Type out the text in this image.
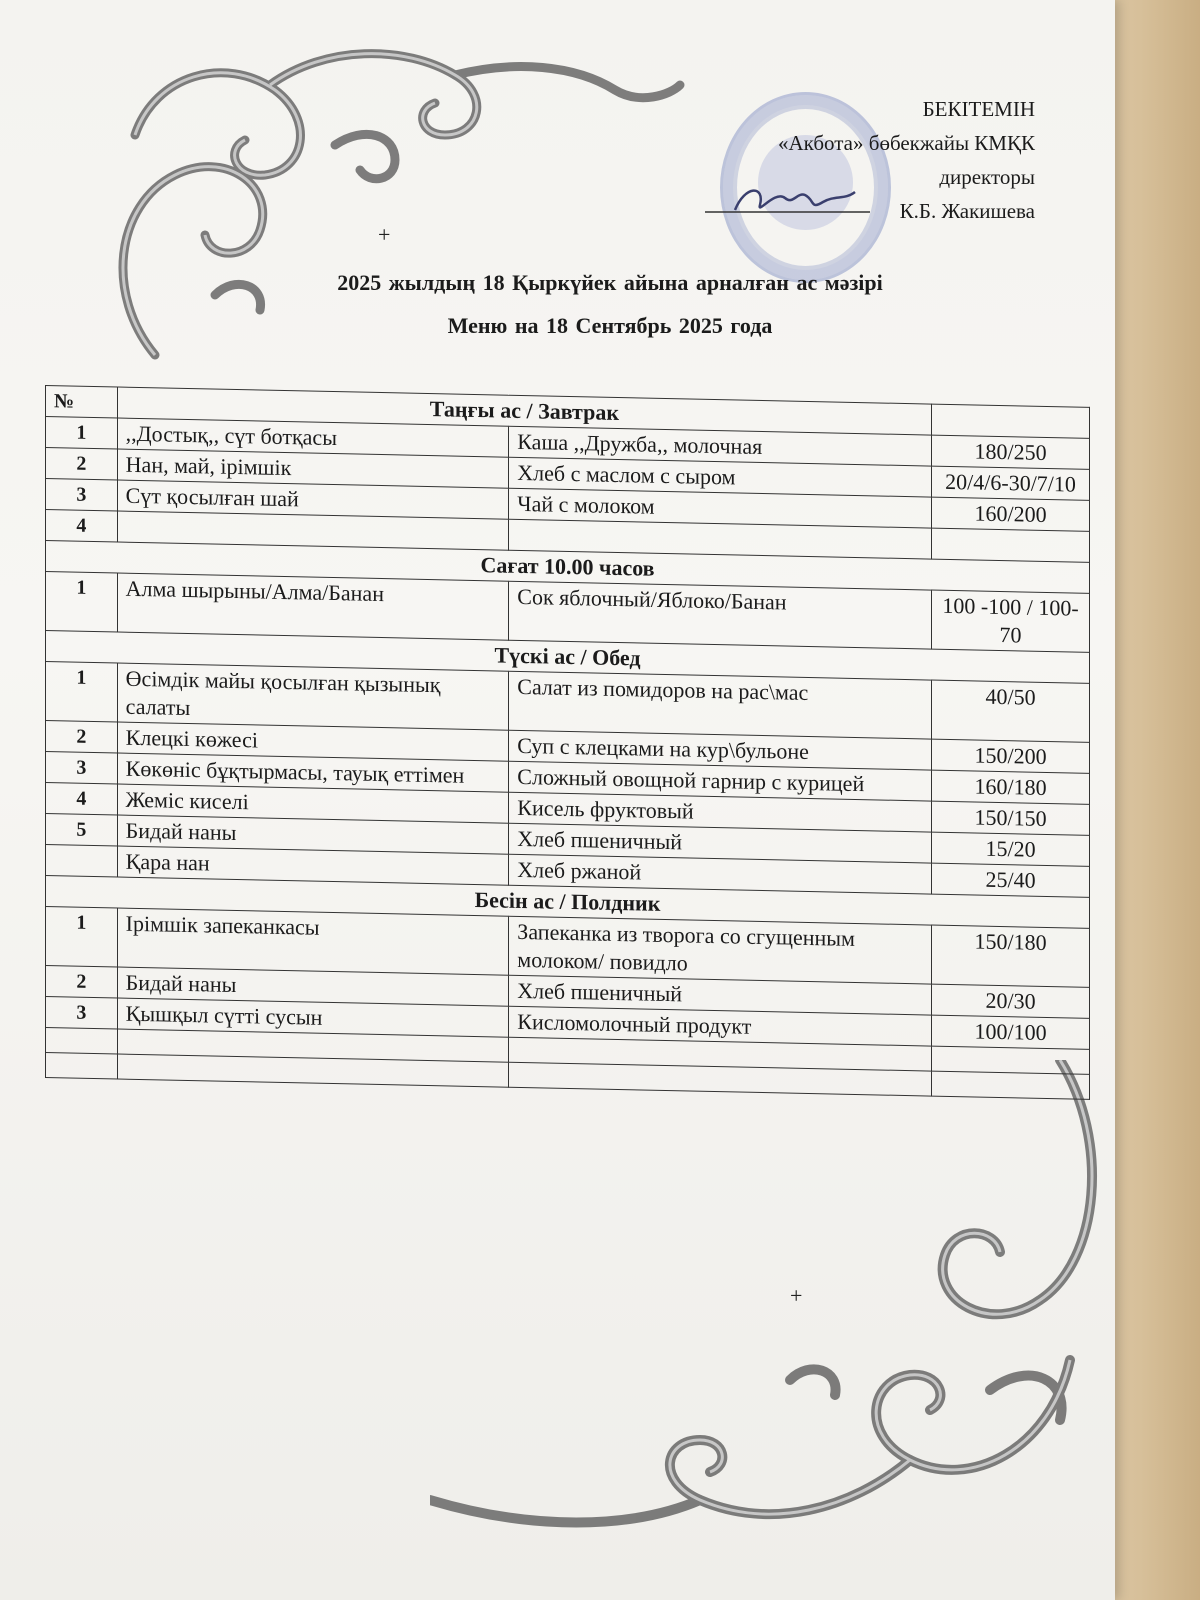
БЕКІТЕМІН
«Акбота» бөбекжайы КМҚК
директоры
К.Б. Жакишева
+
+
2025 жылдың 18 Қыркүйек айына арналған ас мәзірі
Меню на 18 Сентябрь 2025 года
№	Таңғы ас / Завтрак		
1	,,Достық,, сүт ботқасы	Каша ,,Дружба,, молочная	180/250
2	Нан, май, ірімшік	Хлеб с маслом с сыром	20/4/6-30/7/10
3	Сүт қосылған шай	Чай с молоком	160/200
4			
Сағат 10.00 часов			
1	Алма шырыны/Алма/Банан	Сок яблочный/Яблоко/Банан	100 -100 / 100-70
Түскі ас / Обед			
1	Өсімдік майы қосылған қызынық салаты	Салат из помидоров на рас\мас	40/50
2	Клецкі көжесі	Суп с клецками на кур\бульоне	150/200
3	Көкөніс бұқтырмасы, тауық еттімен	Сложный овощной гарнир с курицей	160/180
4	Жеміс киселі	Кисель фруктовый	150/150
5	Бидай наны	Хлеб пшеничный	15/20
	Қара нан	Хлеб ржаной	25/40
Бесін ас / Полдник			
1	Ірімшік запеканкасы	Запеканка из творога со сгущенным молоком/ повидло	150/180
2	Бидай наны	Хлеб пшеничный	20/30
3	Қышқыл сүтті сусын	Кисломолочный продукт	100/100
